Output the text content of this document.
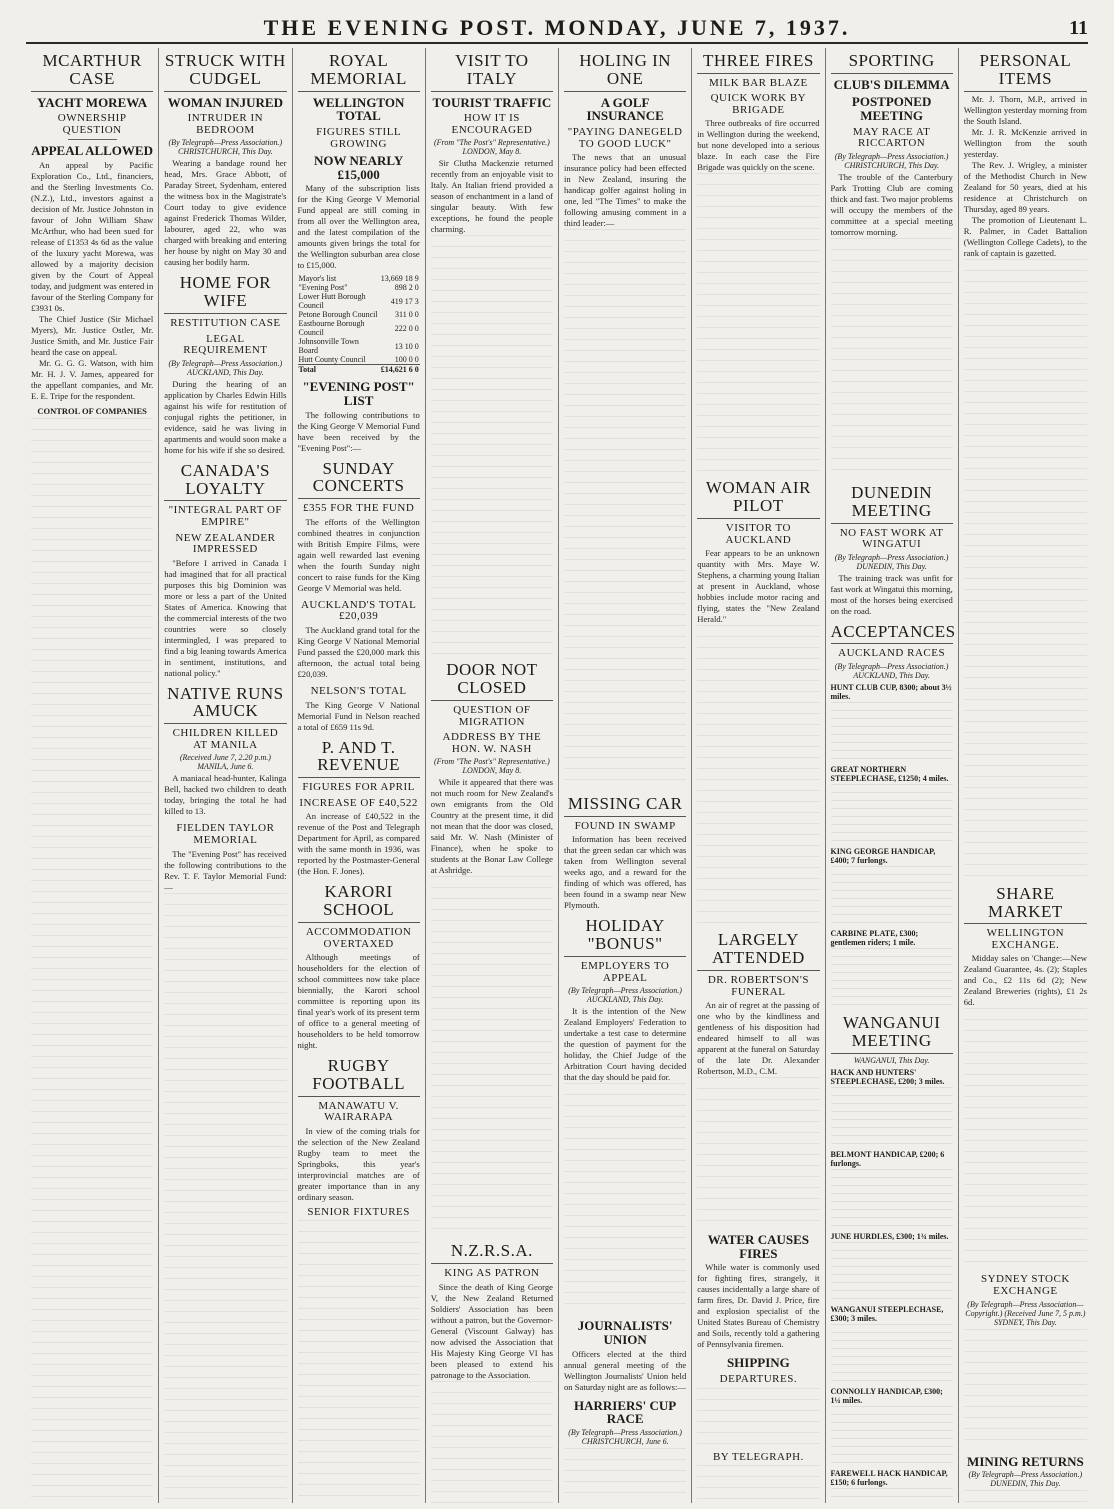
THE EVENING POST. MONDAY, JUNE 7, 1937.	11
MCARTHUR CASE
YACHT MOREWA
OWNERSHIP QUESTION
APPEAL ALLOWED

An appeal by Pacific Exploration Co., Ltd., financiers, and the Sterling Investments Co. (N.Z.), Ltd., investors against a decision of Mr. Justice Johnston in favour of John William Shaw McArthur, who had been sued for release of £1353 4s 6d as the value of the luxury yacht Morewa, was allowed by a majority decision given by the Court of Appeal today, and judgment was entered in favour of the Sterling Company for £3931 0s.

The Chief Justice (Sir Michael Myers), Mr. Justice Ostler, Mr. Justice Smith, and Mr. Justice Fair heard the case on appeal.

Mr. G. G. G. Watson, with him Mr. H. J. V. James, appeared for the appellant companies, and Mr. E. E. Tripe for the respondent.

CONTROL OF COMPANIES
STRUCK WITH CUDGEL
WOMAN INJURED
INTRUDER IN BEDROOM
(By Telegraph—Press Association.) CHRISTCHURCH, This Day.

Wearing a bandage round her head, Mrs. Grace Abbott, of Paraday Street, Sydenham, entered the witness box in the Magistrate's Court today to give evidence against Frederick Thomas Wilder, labourer, aged 22, who was charged with breaking and entering her house by night on May 30 and causing her bodily harm.

HOME FOR WIFE
RESTITUTION CASE
LEGAL REQUIREMENT
(By Telegraph—Press Association.) AUCKLAND, This Day.

During the hearing of an application by Charles Edwin Hills against his wife for restitution of conjugal rights the petitioner, in evidence, said he was living in apartments and would soon make a home for his wife if she so desired.

CANADA'S LOYALTY
"INTEGRAL PART OF EMPIRE"
NEW ZEALANDER IMPRESSED

"Before I arrived in Canada I had imagined that for all practical purposes this big Dominion was more or less a part of the United States of America. Knowing that the commercial interests of the two countries were so closely intermingled, I was prepared to find a big leaning towards America in sentiment, institutions, and national policy."

NATIVE RUNS AMUCK
CHILDREN KILLED AT MANILA
(Received June 7, 2.20 p.m.) MANILA, June 6.

A maniacal head-hunter, Kalinga Bell, hacked two children to death today, bringing the total he had killed to 13.

FIELDEN TAYLOR MEMORIAL

The "Evening Post" has received the following contributions to the Rev. T. F. Taylor Memorial Fund:—

ROYAL MEMORIAL
WELLINGTON TOTAL
FIGURES STILL GROWING
NOW NEARLY £15,000

Many of the subscription lists for the King George V Memorial Fund appeal are still coming in from all over the Wellington area, and the latest compilation of the amounts given brings the total for the Wellington suburban area close to £15,000.

Mayor's list	13,669 18 9
"Evening Post"	898 2 0
Lower Hutt Borough Council	419 17 3
Petone Borough Council	311 0 0
Eastbourne Borough Council	222 0 0
Johnsonville Town Board	13 10 0
Hutt County Council	100 0 0
Total	£14,621 6 0
"EVENING POST" LIST

The following contributions to the King George V Memorial Fund have been received by the "Evening Post":—

SUNDAY CONCERTS
£355 FOR THE FUND

The efforts of the Wellington combined theatres in conjunction with British Empire Films, were again well rewarded last evening when the fourth Sunday night concert to raise funds for the King George V Memorial was held.

AUCKLAND'S TOTAL £20,039

The Auckland grand total for the King George V National Memorial Fund passed the £20,000 mark this afternoon, the actual total being £20,039.

NELSON'S TOTAL

The King George V National Memorial Fund in Nelson reached a total of £659 11s 9d.

P. AND T. REVENUE
FIGURES FOR APRIL
INCREASE OF £40,522

An increase of £40,522 in the revenue of the Post and Telegraph Department for April, as compared with the same month in 1936, was reported by the Postmaster-General (the Hon. F. Jones).

KARORI SCHOOL
ACCOMMODATION OVERTAXED

Although meetings of householders for the election of school committees now take place biennially, the Karori school committee is reporting upon its final year's work of its present term of office to a general meeting of householders to be held tomorrow night.

RUGBY FOOTBALL
MANAWATU V. WAIRARAPA

In view of the coming trials for the selection of the New Zealand Rugby team to meet the Springboks, this year's interprovincial matches are of greater importance than in any ordinary season.

SENIOR FIXTURES
VISIT TO ITALY
TOURIST TRAFFIC
HOW IT IS ENCOURAGED
(From "The Post's" Representative.) LONDON, May 8.

Sir Clutha Mackenzie returned recently from an enjoyable visit to Italy. An Italian friend provided a season of enchantment in a land of singular beauty. With few exceptions, he found the people charming.

DOOR NOT CLOSED
QUESTION OF MIGRATION
ADDRESS BY THE HON. W. NASH
(From "The Post's" Representative.) LONDON, May 8.

While it appeared that there was not much room for New Zealand's own emigrants from the Old Country at the present time, it did not mean that the door was closed, said Mr. W. Nash (Minister of Finance), when he spoke to students at the Bonar Law College at Ashridge.

N.Z.R.S.A.
KING AS PATRON

Since the death of King George V, the New Zealand Returned Soldiers' Association has been without a patron, but the Governor-General (Viscount Galway) has now advised the Association that His Majesty King George VI has been pleased to extend his patronage to the Association.

HOLING IN ONE
A GOLF INSURANCE
"PAYING DANEGELD TO GOOD LUCK"

The news that an unusual insurance policy had been effected in New Zealand, insuring the handicap golfer against holing in one, led "The Times" to make the following amusing comment in a third leader:—

MISSING CAR
FOUND IN SWAMP

Information has been received that the green sedan car which was taken from Wellington several weeks ago, and a reward for the finding of which was offered, has been found in a swamp near New Plymouth.

HOLIDAY "BONUS"
EMPLOYERS TO APPEAL
(By Telegraph—Press Association.) AUCKLAND, This Day.

It is the intention of the New Zealand Employers' Federation to undertake a test case to determine the question of payment for the holiday, the Chief Judge of the Arbitration Court having decided that the day should be paid for.

JOURNALISTS' UNION

Officers elected at the third annual general meeting of the Wellington Journalists' Union held on Saturday night are as follows:—

HARRIERS' CUP RACE
(By Telegraph—Press Association.) CHRISTCHURCH, June 6.
THREE FIRES
MILK BAR BLAZE
QUICK WORK BY BRIGADE

Three outbreaks of fire occurred in Wellington during the weekend, but none developed into a serious blaze. In each case the Fire Brigade was quickly on the scene.

WOMAN AIR PILOT
VISITOR TO AUCKLAND

Fear appears to be an unknown quantity with Mrs. Maye W. Stephens, a charming young Italian at present in Auckland, whose hobbies include motor racing and flying, states the "New Zealand Herald."

LARGELY ATTENDED
DR. ROBERTSON'S FUNERAL

An air of regret at the passing of one who by the kindliness and gentleness of his disposition had endeared himself to all was apparent at the funeral on Saturday of the late Dr. Alexander Robertson, M.D., C.M.

WATER CAUSES FIRES

While water is commonly used for fighting fires, strangely, it causes incidentally a large share of farm fires, Dr. David J. Price, fire and explosion specialist of the United States Bureau of Chemistry and Soils, recently told a gathering of Pennsylvania firemen.

SHIPPING
DEPARTURES.
BY TELEGRAPH.
SPORTING
CLUB'S DILEMMA
POSTPONED MEETING
MAY RACE AT RICCARTON
(By Telegraph—Press Association.) CHRISTCHURCH, This Day.

The trouble of the Canterbury Park Trotting Club are coming thick and fast. Two major problems will occupy the members of the committee at a special meeting tomorrow morning.

DUNEDIN MEETING
NO FAST WORK AT WINGATUI
(By Telegraph—Press Association.) DUNEDIN, This Day.

The training track was unfit for fast work at Wingatui this morning, most of the horses being exercised on the road.

ACCEPTANCES
AUCKLAND RACES
(By Telegraph—Press Association.) AUCKLAND, This Day.
HUNT CLUB CUP, 8300; about 3½ miles.
GREAT NORTHERN STEEPLECHASE, £1250; 4 miles.
KING GEORGE HANDICAP, £400; 7 furlongs.
CARBINE PLATE, £300; gentlemen riders; 1 mile.
WANGANUI MEETING
WANGANUI, This Day.
HACK AND HUNTERS' STEEPLECHASE, £200; 3 miles.
BELMONT HANDICAP, £200; 6 furlongs.
JUNE HURDLES, £300; 1¾ miles.
WANGANUI STEEPLECHASE, £300; 3 miles.
CONNOLLY HANDICAP, £300; 1¼ miles.
FAREWELL HACK HANDICAP, £150; 6 furlongs.
PERSONAL ITEMS

Mr. J. Thorn, M.P., arrived in Wellington yesterday morning from the South Island.

Mr. J. R. McKenzie arrived in Wellington from the south yesterday.

The Rev. J. Wrigley, a minister of the Methodist Church in New Zealand for 50 years, died at his residence at Christchurch on Thursday, aged 89 years.

The promotion of Lieutenant L. R. Palmer, in Cadet Battalion (Wellington College Cadets), to the rank of captain is gazetted.

SHARE MARKET
WELLINGTON EXCHANGE.

Midday sales on 'Change:—New Zealand Guarantee, 4s. (2); Staples and Co., £2 11s 6d (2); New Zealand Breweries (rights), £1 2s 6d.

SYDNEY STOCK EXCHANGE
(By Telegraph—Press Association—Copyright.) (Received June 7, 5 p.m.) SYDNEY, This Day.
MINING RETURNS
(By Telegraph—Press Association.) DUNEDIN, This Day.
